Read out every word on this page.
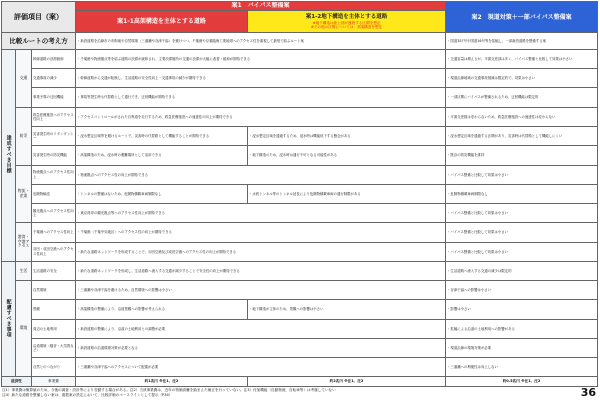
評価項目（案）			案1　バイパス整備案		案2　現道対策＋一部バイパス整備案
			案1-1高架構造を主体とする道路	案1-2地下構造を主体とする道路
※地下構造は陸上部が連続する区間を想定
※その他の区間については、高架構造を想定	

比較ルートの考え方			・新設道路を沿線市の市街地や自然環境（三番瀬や谷津干潟）を避けつつ、千葉港や京葉臨海工業地帯へのアクセス性を重視して最短で結ぶルート案		・国道357号や国道16号等を拡幅し、一部新設道路を整備する案
達成すべき目標	交通	幹線道路の渋滞緩和	・千葉港や物流拠点等を結ぶ道路の渋滞が緩和され、主要渋滞箇所の交通の渋滞が大幅に改善・緩和が期待できる		・交通容量は増えるが、平面交差部は多く、バイパス整備と比較して効果は小さい
		交通事故の減少	・幹線道路から交通が転換し、生活道路の安全性向上・交通事故の減少が期待できる		・現道沿線地域の交通事故削減は限定的で、効果は小さい
		事業予算の迂回機能	・事故等発生時も代替路として通行でき、迂回機能が期待できる		・一部区間にバイパスが整備されるため、迂回機能は限定的
	防災	救急医療施設へのアクセス性向上	・アクセスコントロールがされた自専道を走行するため、救急医療施設への速達性の向上が期待できる		・平面交差数は変わらないため、救急医療施設への速達性は変わらない
		災害発生時のリダンダンシー	・浸水想定区域等を避けるルートで、災害時の代替路として機能することが期待できる	・浸水想定区域を通過するため、浸水時は機能低下する懸念がある	・浸水想定区域を通過する区間があり、災害時は代替路として機能しにくい
		災害発生時の防災機能	・高架構造のため、浸水時の避難場所として活用できる	・地下構造のため、浸水時は通行不可となる可能性がある	・既存の防災機能を維持
	物流・産業	物流拠点へのアクセス性向上	・物流拠点へのアクセス性の向上が期待できる		・バイパス整備と比較して効果は小さい
		危険物輸送	・トンネルの整備はないため、危険物積載車両制限なし	・水底トンネル等のトンネル延長により危険物積載車両の通行制限がある	・危険物積載車両制限なし
		観光拠点へのアクセス性向上	・東京湾岸の観光拠点等へのアクセス性向上が期待できる		・バイパス整備と比較して効果は小さい
	港湾・空港アクセス	千葉港へのアクセス性向上	・千葉港（千葉中央地区）へのアクセス性の向上が期待できる		・バイパス整備と比較して効果は小さい
		羽田・成田空港へのアクセス性向上	・新たな道路ネットワークを形成することで、羽田空港及び成田空港へのアクセス性の向上が期待できる		・バイパス整備と比較して効果は小さい
配慮すべき事項	生活	生活道路の安全	・新たな道路ネットワークを形成し、生活道路へ流入する交通が減少することで安全性の向上が期待できる		・生活道路へ流入する交通の減少は限定的
	環境	自然環境	・三番瀬や谷津干潟を避けるため、自然環境への影響は小さい		・谷津干潟への影響は小さい
		景観	・高架構造の整備により、沿道景観への影響が考えられる	・地下構造が主体のため、景観への影響は小さい	・影響は小さい
		周辺の土地利用	・新設道路の整備により、沿道の土地利用との調整が必要		・拡幅による沿道の土地利用への影響がある
		沿道環境（騒音・大気質など）	・新設道路の沿道環境対策が必要となる		・現道沿線の環境対策が必要
		自然とのつながり	・三番瀬や谷津干潟へのアクセスについて配慮が必要		・三番瀬への利便性は向上しない
経済性		事業費	約1兆円 ※注1、注2	約2兆円 ※注1、注2	約0.5兆円 ※注1、注2
注1）事業費は概算値のため、今後の調査・設計等により変動する場合がある。注2）当該事業費は、近年の物価高騰を踏まえた補正を行っていない。注3）付加機能（自動物流、自転車等）は考慮していない
注4）新たな道路を整備しない案は、複数案の設定において、比較評価のベースラインとして提示（P34）	36
